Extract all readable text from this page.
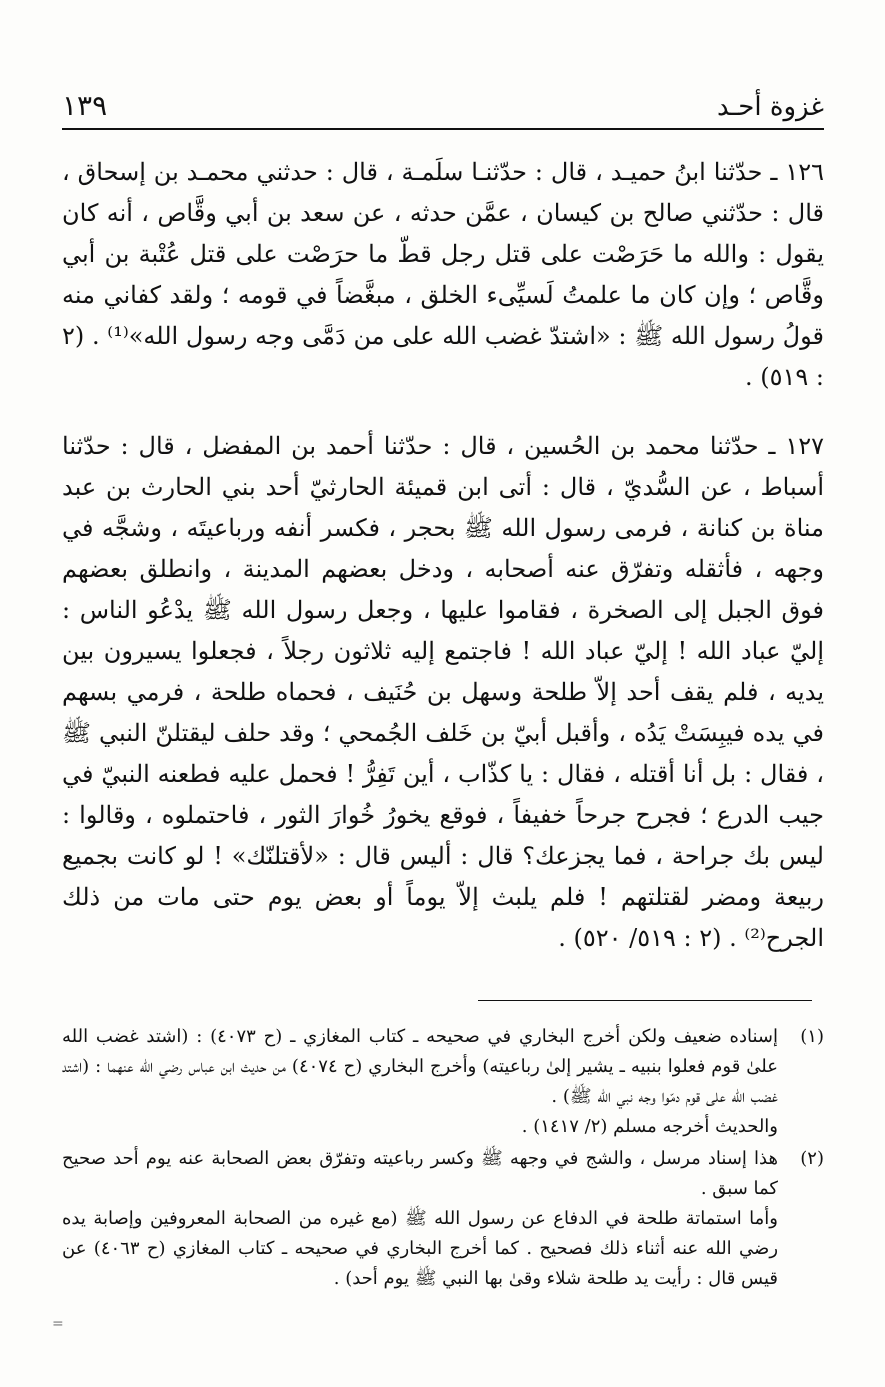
غزوة أحـد
١٣٩

١٢٦ ـ حدّثنا ابنُ حميـد ، قال : حدّثنـا سلَمـة ، قال : حدثني محمـد بن إسحاق ، قال : حدّثني صالح بن كيسان ، عمَّن حدثه ، عن سعد بن أبي وقَّاص ، أنه كان يقول : والله ما حَرَصْت على قتل رجل قطّ ما حرَصْت على قتل عُتْبة بن أبي وقَّاص ؛ وإن كان ما علمتُ لَسيِّىء الخلق ، مبغَّضاً في قومه ؛ ولقد كفاني منه قولُ رسول الله ﷺ : «اشتدّ غضب الله على من دَمَّى وجه رسول الله»⁽¹⁾ . (٢ : ٥١٩) .

١٢٧ ـ حدّثنا محمد بن الحُسين ، قال : حدّثنا أحمد بن المفضل ، قال : حدّثنا أسباط ، عن السُّديّ ، قال : أتى ابن قميئة الحارثيّ أحد بني الحارث بن عبد مناة بن كنانة ، فرمى رسول الله ﷺ بحجر ، فكسر أنفه ورباعيتَه ، وشجَّه في وجهه ، فأثقله وتفرّق عنه أصحابه ، ودخل بعضهم المدينة ، وانطلق بعضهم فوق الجبل إلى الصخرة ، فقاموا عليها ، وجعل رسول الله ﷺ يدْعُو الناس : إليّ عباد الله ! إليّ عباد الله ! فاجتمع إليه ثلاثون رجلاً ، فجعلوا يسيرون بين يديه ، فلم يقف أحد إلاّ طلحة وسهل بن حُنَيف ، فحماه طلحة ، فرمي بسهم في يده فيبِسَتْ يَدُه ، وأقبل أبيّ بن خَلف الجُمحي ؛ وقد حلف ليقتلنّ النبي ﷺ ، فقال : بل أنا أقتله ، فقال : يا كذّاب ، أين تَفِرُّ ! فحمل عليه فطعنه النبيّ في جيب الدرع ؛ فجرح جرحاً خفيفاً ، فوقع يخورُ خُوارَ الثور ، فاحتملوه ، وقالوا : ليس بك جراحة ، فما يجزعك؟ قال : أليس قال : «لأقتلنّك» ! لو كانت بجميع ربيعة ومضر لقتلتهم ! فلم يلبث إلاّ يوماً أو بعض يوم حتى مات من ذلك الجرح⁽²⁾ . (٢ : ٥١٩/ ٥٢٠) .

(١)

إسناده ضعيف ولكن أخرج البخاري في صحيحه ـ كتاب المغازي ـ (ح ٤٠٧٣) : (اشتد غضب الله علىٰ قوم فعلوا بنبيه ـ يشير إلىٰ رباعيته) وأخرج البخاري (ح ٤٠٧٤) من حديث ابن عباس رضي الله عنهما : (اشتد غضب الله على قوم دمّوا وجه نبي الله ﷺ) .

والحديث أخرجه مسلم (٢/ ١٤١٧) .

(٢)

هذا إسناد مرسل ، والشج في وجهه ﷺ وكسر رباعيته وتفرّق بعض الصحابة عنه يوم أحد صحيح كما سبق .

وأما استماتة طلحة في الدفاع عن رسول الله ﷺ (مع غيره من الصحابة المعروفين وإصابة يده رضي الله عنه أثناء ذلك فصحيح . كما أخرج البخاري في صحيحه ـ كتاب المغازي (ح ٤٠٦٣) عن قيس قال : رأيت يد طلحة شلاء وقىٰ بها النبي ﷺ يوم أحد) .

=
